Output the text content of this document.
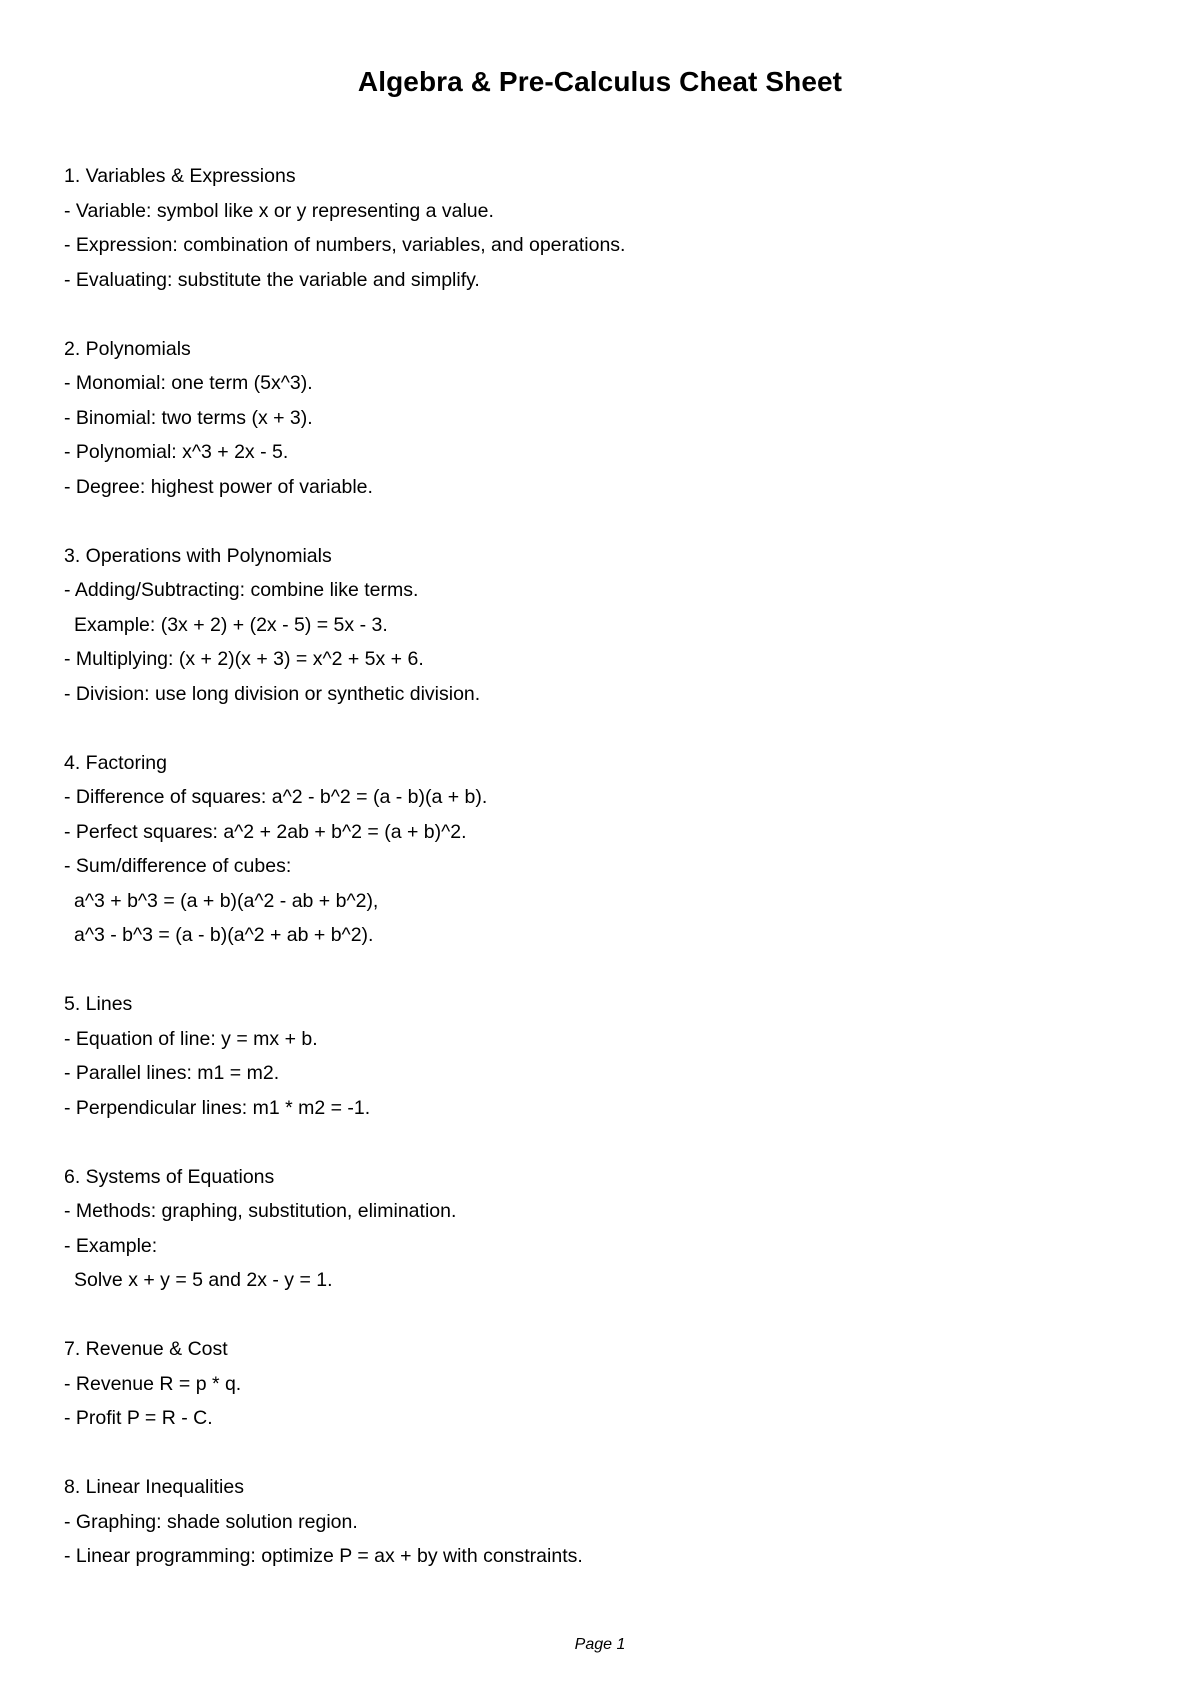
Algebra & Pre-Calculus Cheat Sheet
1. Variables & Expressions
- Variable: symbol like x or y representing a value.
- Expression: combination of numbers, variables, and operations.
- Evaluating: substitute the variable and simplify.
2. Polynomials
- Monomial: one term (5x^3).
- Binomial: two terms (x + 3).
- Polynomial: x^3 + 2x - 5.
- Degree: highest power of variable.
3. Operations with Polynomials
- Adding/Subtracting: combine like terms.
Example: (3x + 2) + (2x - 5) = 5x - 3.
- Multiplying: (x + 2)(x + 3) = x^2 + 5x + 6.
- Division: use long division or synthetic division.
4. Factoring
- Difference of squares: a^2 - b^2 = (a - b)(a + b).
- Perfect squares: a^2 + 2ab + b^2 = (a + b)^2.
- Sum/difference of cubes:
a^3 + b^3 = (a + b)(a^2 - ab + b^2),
a^3 - b^3 = (a - b)(a^2 + ab + b^2).
5. Lines
- Equation of line: y = mx + b.
- Parallel lines: m1 = m2.
- Perpendicular lines: m1 * m2 = -1.
6. Systems of Equations
- Methods: graphing, substitution, elimination.
- Example:
Solve x + y = 5 and 2x - y = 1.
7. Revenue & Cost
- Revenue R = p * q.
- Profit P = R - C.
8. Linear Inequalities
- Graphing: shade solution region.
- Linear programming: optimize P = ax + by with constraints.
Page 1
